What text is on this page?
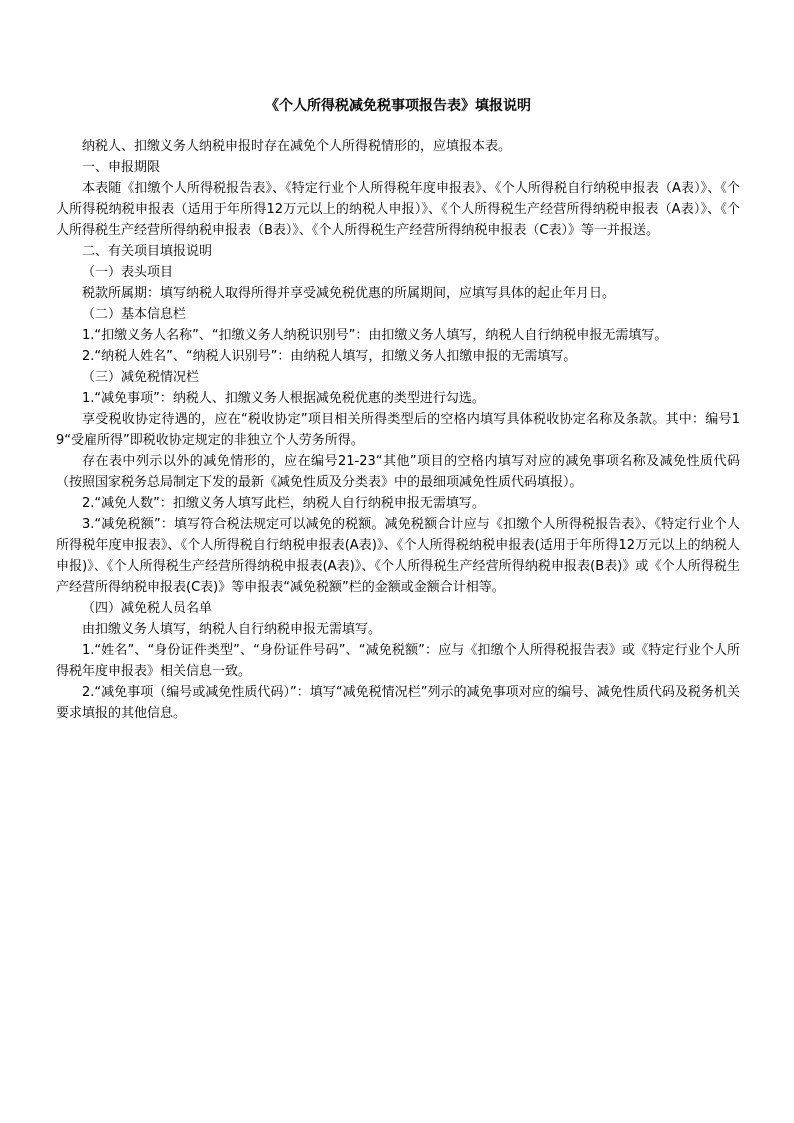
《个人所得税减免税事项报告表》填报说明

纳税人、扣缴义务人纳税申报时存在减免个人所得税情形的，应填报本表。

一、申报期限

本表随《扣缴个人所得税报告表》、《特定行业个人所得税年度申报表》、《个人所得税自行纳税申报表（A表）》、《个人所得税纳税申报表（适用于年所得12万元以上的纳税人申报）》、《个人所得税生产经营所得纳税申报表（A表）》、《个人所得税生产经营所得纳税申报表（B表）》、《个人所得税生产经营所得纳税申报表（C表）》等一并报送。

二、有关项目填报说明

（一）表头项目

税款所属期：填写纳税人取得所得并享受减免税优惠的所属期间，应填写具体的起止年月日。

（二）基本信息栏

1.“扣缴义务人名称”、“扣缴义务人纳税识别号”：由扣缴义务人填写，纳税人自行纳税申报无需填写。

2.“纳税人姓名”、“纳税人识别号”：由纳税人填写，扣缴义务人扣缴申报的无需填写。

（三）减免税情况栏

1.“减免事项”：纳税人、扣缴义务人根据减免税优惠的类型进行勾选。

享受税收协定待遇的，应在“税收协定”项目相关所得类型后的空格内填写具体税收协定名称及条款。其中：编号19“受雇所得”即税收协定规定的非独立个人劳务所得。

存在表中列示以外的减免情形的，应在编号21-23“其他”项目的空格内填写对应的减免事项名称及减免性质代码（按照国家税务总局制定下发的最新《减免性质及分类表》中的最细项减免性质代码填报）。

2.“减免人数”：扣缴义务人填写此栏，纳税人自行纳税申报无需填写。

3.“减免税额”：填写符合税法规定可以减免的税额。减免税额合计应与《扣缴个人所得税报告表》、《特定行业个人所得税年度申报表》、《个人所得税自行纳税申报表(A表)》、《个人所得税纳税申报表(适用于年所得12万元以上的纳税人申报)》、《个人所得税生产经营所得纳税申报表(A表)》、《个人所得税生产经营所得纳税申报表(B表)》或《个人所得税生产经营所得纳税申报表(C表)》等申报表“减免税额”栏的金额或金额合计相等。

（四）减免税人员名单

由扣缴义务人填写，纳税人自行纳税申报无需填写。

1.“姓名”、“身份证件类型”、“身份证件号码”、“减免税额”：应与《扣缴个人所得税报告表》或《特定行业个人所得税年度申报表》相关信息一致。

2.“减免事项（编号或减免性质代码）”：填写“减免税情况栏”列示的减免事项对应的编号、减免性质代码及税务机关要求填报的其他信息。
